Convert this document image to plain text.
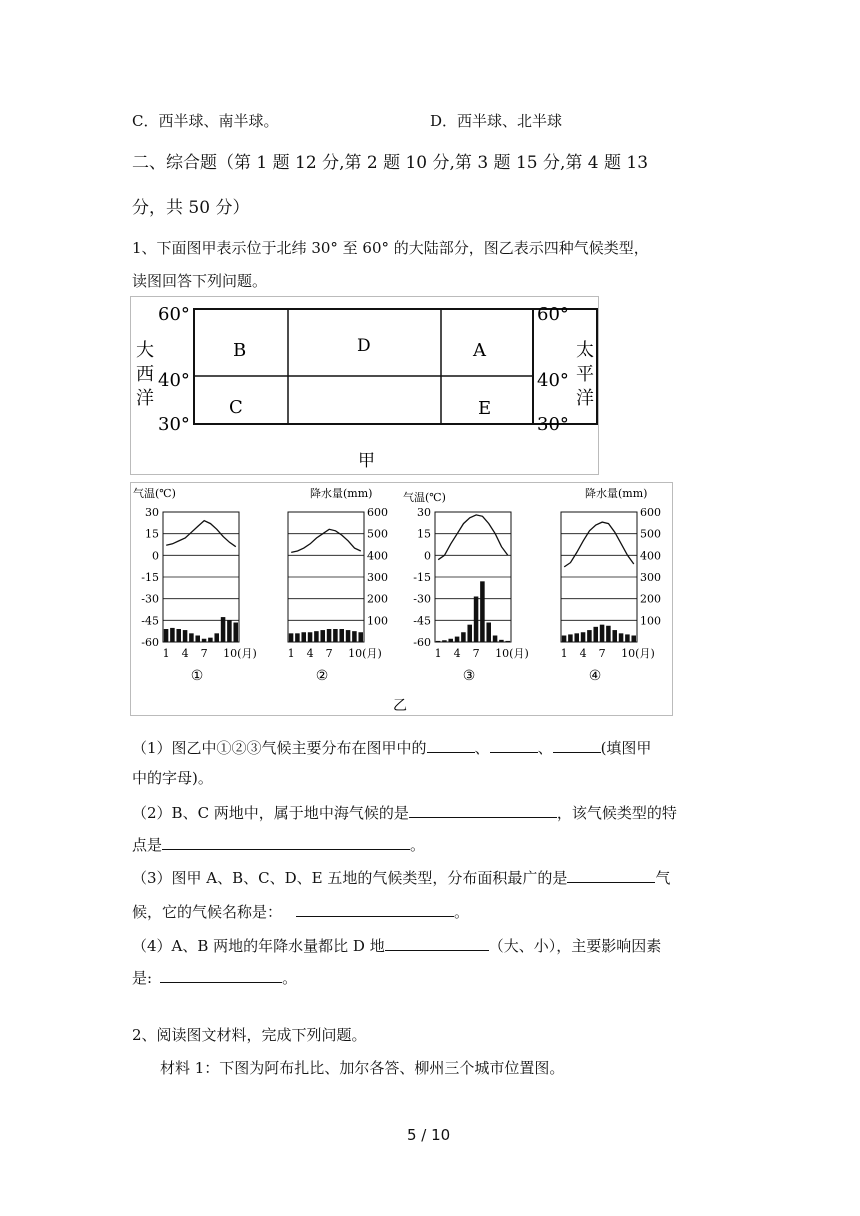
C．西半球、南半球。	D．西半球、北半球
二、综合题（第 1 题 12 分,第 2 题 10 分,第 3 题 15 分,第 4 题 13
分，共 50 分）
1、下面图甲表示位于北纬 30° 至 60° 的大陆部分，图乙表示四种气候类型，
读图回答下列问题。
60°
40°
30°
60°
40°
30°
大
西
洋
太
平
洋
B	D	A
C	E
甲
气温(℃)	降水量(mm)	气温(℃)	降水量(mm)
30
15
0
-15
-30
-45
-60
1 4 7 10(月)
①
600
500
400
300
200
100
1 4 7 10(月)
②
30
15
0
-15
-30
-45
-60
1 4 7 10(月)
③
600
500
400
300
200
100
1 4 7 10(月)
④
乙
（1）图乙中①②③气候主要分布在图甲中的	、	、	(填图甲
中的字母)。
（2）B、C 两地中，属于地中海气候的是	，该气候类型的特
点是	。
（3）图甲 A、B、C、D、E 五地的气候类型，分布面积最广的是	气
候，它的气候名称是：	。
（4）A、B 两地的年降水量都比 D 地	（大、小），主要影响因素
是:	。
2、阅读图文材料，完成下列问题。
材料 1：下图为阿布扎比、加尔各答、柳州三个城市位置图。
5 / 10
